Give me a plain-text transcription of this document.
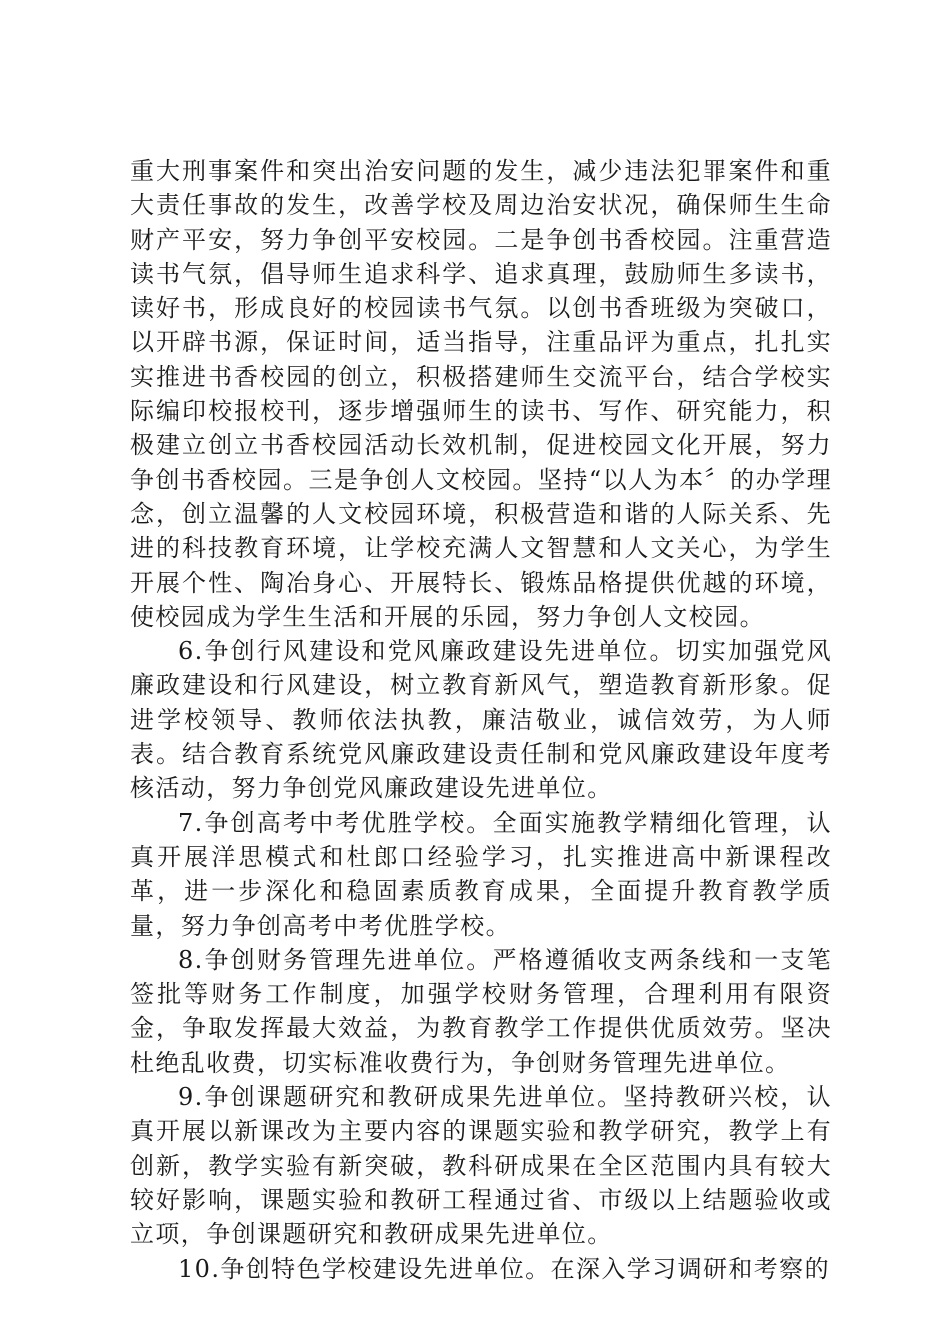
重大刑事案件和突出治安问题的发生，减少违法犯罪案件和重大责任事故的发生，改善学校及周边治安状况，确保师生生命财产平安，努力争创平安校园。二是争创书香校园。注重营造读书气氛，倡导师生追求科学、追求真理，鼓励师生多读书，读好书，形成良好的校园读书气氛。以创书香班级为突破口，以开辟书源，保证时间，适当指导，注重品评为重点，扎扎实实推进书香校园的创立，积极搭建师生交流平台，结合学校实际编印校报校刊，逐步增强师生的读书、写作、研究能力，积极建立创立书香校园活动长效机制，促进校园文化开展，努力争创书香校园。三是争创人文校园。坚持“以人为本〞的办学理念，创立温馨的人文校园环境，积极营造和谐的人际关系、先进的科技教育环境，让学校充满人文智慧和人文关心，为学生开展个性、陶冶身心、开展特长、锻炼品格提供优越的环境，使校园成为学生生活和开展的乐园，努力争创人文校园。

6.争创行风建设和党风廉政建设先进单位。切实加强党风廉政建设和行风建设，树立教育新风气，塑造教育新形象。促进学校领导、教师依法执教，廉洁敬业，诚信效劳，为人师表。结合教育系统党风廉政建设责任制和党风廉政建设年度考核活动，努力争创党风廉政建设先进单位。

7.争创高考中考优胜学校。全面实施教学精细化管理，认真开展洋思模式和杜郎口经验学习，扎实推进高中新课程改革，进一步深化和稳固素质教育成果，全面提升教育教学质量，努力争创高考中考优胜学校。

8.争创财务管理先进单位。严格遵循收支两条线和一支笔签批等财务工作制度，加强学校财务管理，合理利用有限资金，争取发挥最大效益，为教育教学工作提供优质效劳。坚决杜绝乱收费，切实标准收费行为，争创财务管理先进单位。

9.争创课题研究和教研成果先进单位。坚持教研兴校，认真开展以新课改为主要内容的课题实验和教学研究，教学上有创新，教学实验有新突破，教科研成果在全区范围内具有较大较好影响，课题实验和教研工程通过省、市级以上结题验收或立项，争创课题研究和教研成果先进单位。

10.争创特色学校建设先进单位。在深入学习调研和考察的
